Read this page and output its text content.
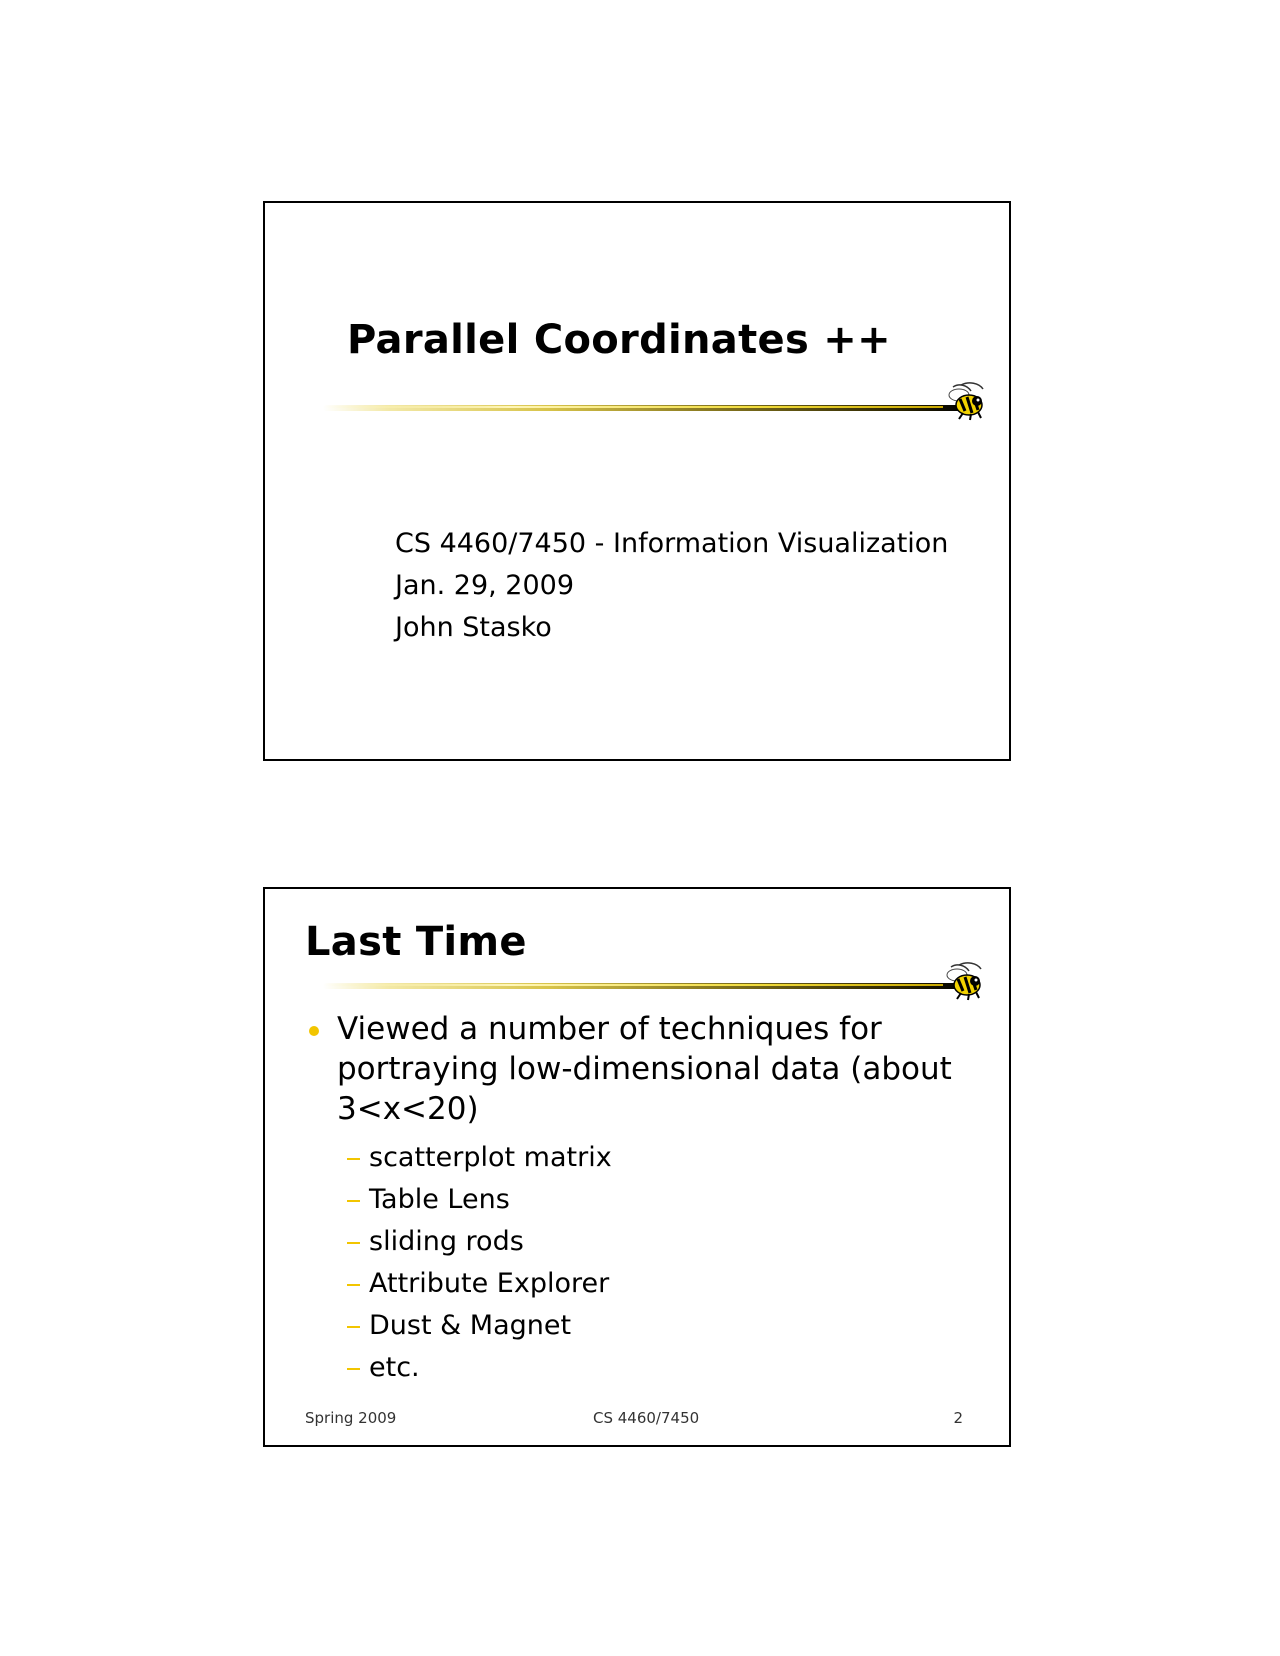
Parallel Coordinates ++
CS 4460/7450 - Information Visualization
Jan. 29, 2009
John Stasko
Last Time
Viewed a number of techniques for portraying low-dimensional data (about 3<x<20)
scatterplot matrix
Table Lens
sliding rods
Attribute Explorer
Dust & Magnet
etc.
Spring 2009	CS 4460/7450	2
